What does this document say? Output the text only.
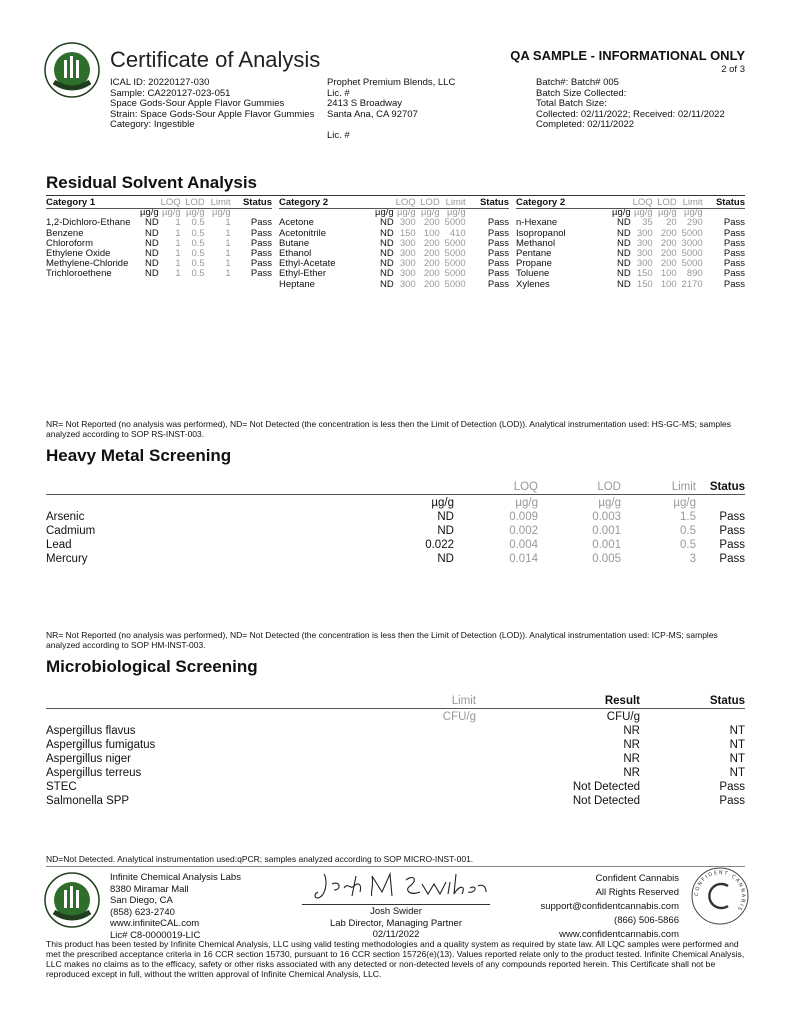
Certificate of Analysis	QA SAMPLE - INFORMATIONAL ONLY
2 of 3
ICAL ID: 20220127-030
Sample: CA220127-023-051
Space Gods-Sour Apple Flavor Gummies
Strain: Space Gods-Sour Apple Flavor Gummies
Category: Ingestible
Prophet Premium Blends, LLC
Lic. #
2413 S Broadway
Santa Ana, CA 92707
Lic. #
Batch#: Batch# 005
Batch Size Collected:
Total Batch Size:
Collected: 02/11/2022; Received: 02/11/2022
Completed: 02/11/2022
Residual Solvent Analysis
Category 1		LOQ	LOD	Limit	Status
	µg/g	µg/g	µg/g	µg/g	
1,2-Dichloro-Ethane	ND	1	0.5	1	Pass
Benzene	ND	1	0.5	1	Pass
Chloroform	ND	1	0.5	1	Pass
Ethylene Oxide	ND	1	0.5	1	Pass
Methylene-Chloride	ND	1	0.5	1	Pass
Trichloroethene	ND	1	0.5	1	Pass
Category 2		LOQ	LOD	Limit	Status
	µg/g	µg/g	µg/g	µg/g	
Acetone	ND	300	200	5000	Pass
Acetonitrile	ND	150	100	410	Pass
Butane	ND	300	200	5000	Pass
Ethanol	ND	300	200	5000	Pass
Ethyl-Acetate	ND	300	200	5000	Pass
Ethyl-Ether	ND	300	200	5000	Pass
Heptane	ND	300	200	5000	Pass
Category 2		LOQ	LOD	Limit	Status
	µg/g	µg/g	µg/g	µg/g	
n-Hexane	ND	35	20	290	Pass
Isopropanol	ND	300	200	5000	Pass
Methanol	ND	300	200	3000	Pass
Pentane	ND	300	200	5000	Pass
Propane	ND	300	200	5000	Pass
Toluene	ND	150	100	890	Pass
Xylenes	ND	150	100	2170	Pass
NR= Not Reported (no analysis was performed), ND= Not Detected (the concentration is less then the Limit of Detection (LOD)). Analytical instrumentation used: HS-GC-MS; samples analyzed according to SOP RS-INST-003.
Heavy Metal Screening
		LOQ	LOD	Limit	Status
	µg/g	µg/g	µg/g	µg/g	
Arsenic	ND	0.009	0.003	1.5	Pass
Cadmium	ND	0.002	0.001	0.5	Pass
Lead	0.022	0.004	0.001	0.5	Pass
Mercury	ND	0.014	0.005	3	Pass
NR= Not Reported (no analysis was performed), ND= Not Detected (the concentration is less then the Limit of Detection (LOD)). Analytical instrumentation used: ICP-MS; samples analyzed according to SOP HM-INST-003.
Microbiological Screening
	Limit	Result	Status
	CFU/g	CFU/g	
Aspergillus flavus		NR	NT
Aspergillus fumigatus		NR	NT
Aspergillus niger		NR	NT
Aspergillus terreus		NR	NT
STEC		Not Detected	Pass
Salmonella SPP		Not Detected	Pass
ND=Not Detected. Analytical instrumentation used:qPCR; samples analyzed according to SOP MICRO-INST-001.
Infinite Chemical Analysis Labs
8380 Miramar Mall
San Diego, CA
(858) 623-2740
www.infiniteCAL.com
Lic# C8-0000019-LIC
Josh Swider
Lab Director, Managing Partner
02/11/2022
Confident Cannabis
All Rights Reserved
support@confidentcannabis.com
(866) 506-5866
www.confidentcannabis.com
CONFIDENT CANNABIS
This product has been tested by Infinite Chemical Analysis, LLC using valid testing methodologies and a quality system as required by state law. All LQC samples were performed and met the prescribed acceptance criteria in 16 CCR section 15730, pursuant to 16 CCR section 15726(e)(13). Values reported relate only to the product tested. Infinite Chemical Analysis, LLC makes no claims as to the efficacy, safety or other risks associated with any detected or non-detected levels of any compounds reported herein. This Certificate shall not be reproduced except in full, without the written approval of Infinite Chemical Analysis, LLC.
